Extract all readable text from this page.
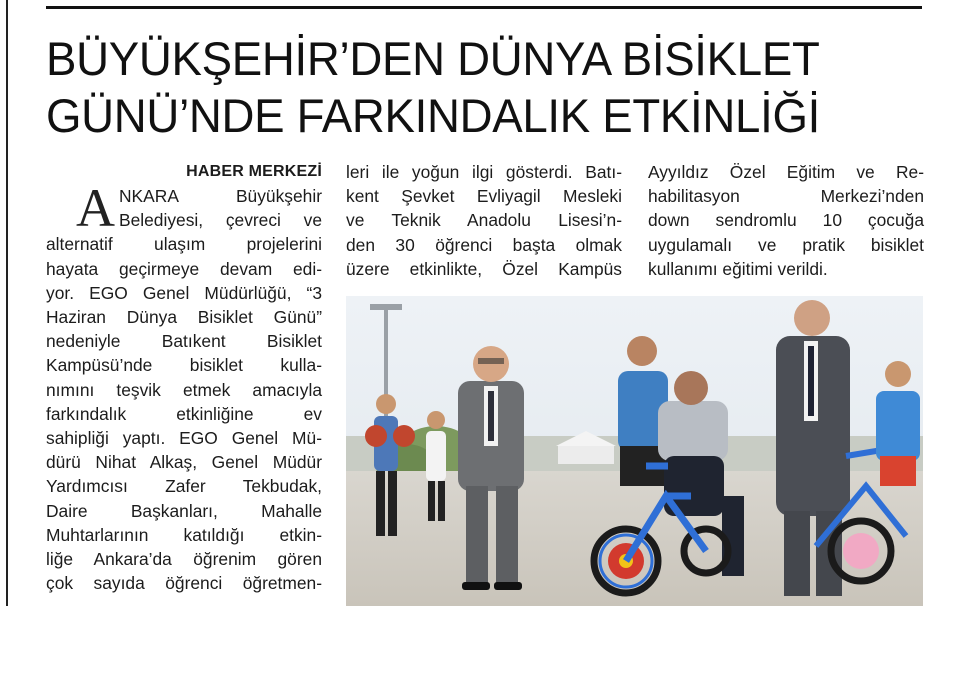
BÜYÜKŞEHİR’DEN DÜNYA BİSİKLET
GÜNÜ’NDE FARKINDALIK ETKİNLİĞİ
HABER MERKEZİ
A NKARA Büyükşehir
Belediyesi, çevreci ve
alternatif ulaşım projelerini
hayata geçirmeye devam edi-
yor. EGO Genel Müdürlüğü, “3
Haziran Dünya Bisiklet Günü”
nedeniyle Batıkent Bisiklet
Kampüsü’nde bisiklet kulla-
nımını teşvik etmek amacıyla
farkındalık etkinliğine ev
sahipliği yaptı. EGO Genel Mü-
dürü Nihat Alkaş, Genel Müdür
Yardımcısı Zafer Tekbudak,
Daire Başkanları, Mahalle
Muhtarlarının katıldığı etkin-
liğe Ankara’da öğrenim gören
çok sayıda öğrenci öğretmen-
leri ile yoğun ilgi gösterdi. Batı-
kent Şevket Evliyagil Mesleki
ve Teknik Anadolu Lisesi’n-
den 30 öğrenci başta olmak
üzere etkinlikte, Özel Kampüs
Ayyıldız Özel Eğitim ve Re-
habilitasyon Merkezi’nden
down sendromlu 10 çocuğa
uygulamalı ve pratik bisiklet
kullanımı eğitimi verildi.
